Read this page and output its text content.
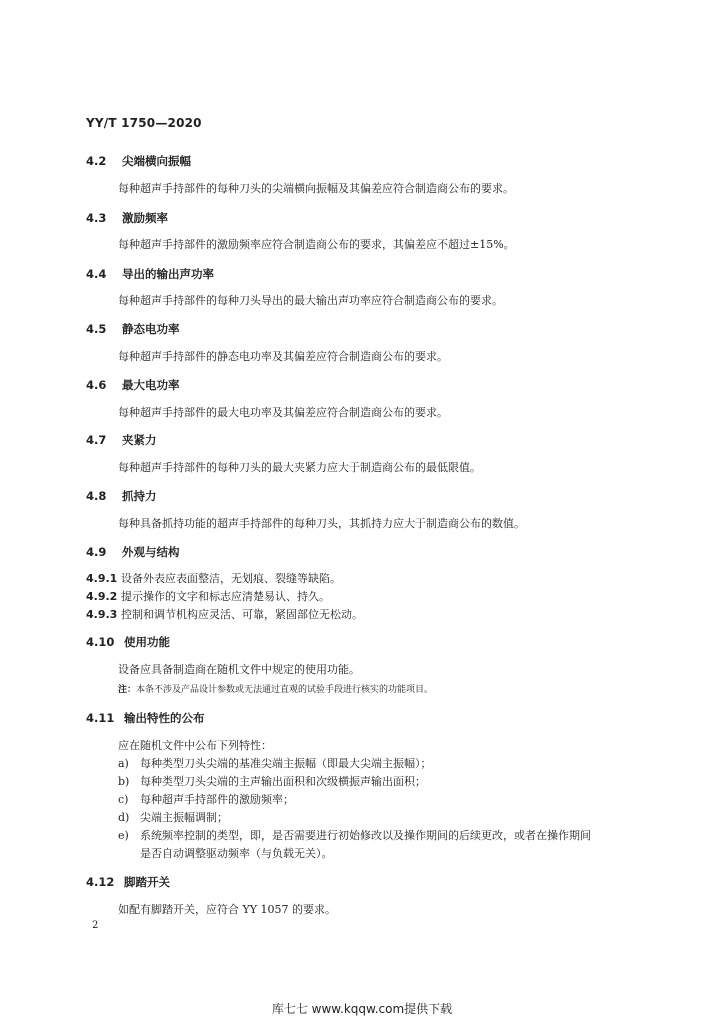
YY/T 1750—2020
4.2 尖端横向振幅
每种超声手持部件的每种刀头的尖端横向振幅及其偏差应符合制造商公布的要求。
4.3 激励频率
每种超声手持部件的激励频率应符合制造商公布的要求，其偏差应不超过±15%。
4.4 导出的输出声功率
每种超声手持部件的每种刀头导出的最大输出声功率应符合制造商公布的要求。
4.5 静态电功率
每种超声手持部件的静态电功率及其偏差应符合制造商公布的要求。
4.6 最大电功率
每种超声手持部件的最大电功率及其偏差应符合制造商公布的要求。
4.7 夹紧力
每种超声手持部件的每种刀头的最大夹紧力应大于制造商公布的最低限值。
4.8 抓持力
每种具备抓持功能的超声手持部件的每种刀头，其抓持力应大于制造商公布的数值。
4.9 外观与结构
4.9.1 设备外表应表面整洁，无划痕、裂缝等缺陷。
4.9.2 提示操作的文字和标志应清楚易认、持久。
4.9.3 控制和调节机构应灵活、可靠，紧固部位无松动。
4.10 使用功能
设备应具备制造商在随机文件中规定的使用功能。
注：本条不涉及产品设计参数或无法通过直观的试验手段进行核实的功能项目。
4.11 输出特性的公布
应在随机文件中公布下列特性：
a) 每种类型刀头尖端的基准尖端主振幅（即最大尖端主振幅）；
b) 每种类型刀头尖端的主声输出面积和次级横振声输出面积；
c) 每种超声手持部件的激励频率；
d) 尖端主振幅调制；
e) 系统频率控制的类型，即，是否需要进行初始修改以及操作期间的后续更改，或者在操作期间
是否自动调整驱动频率（与负载无关）。
4.12 脚踏开关
如配有脚踏开关，应符合 YY 1057 的要求。
2
库七七 www.kqqw.com提供下载
